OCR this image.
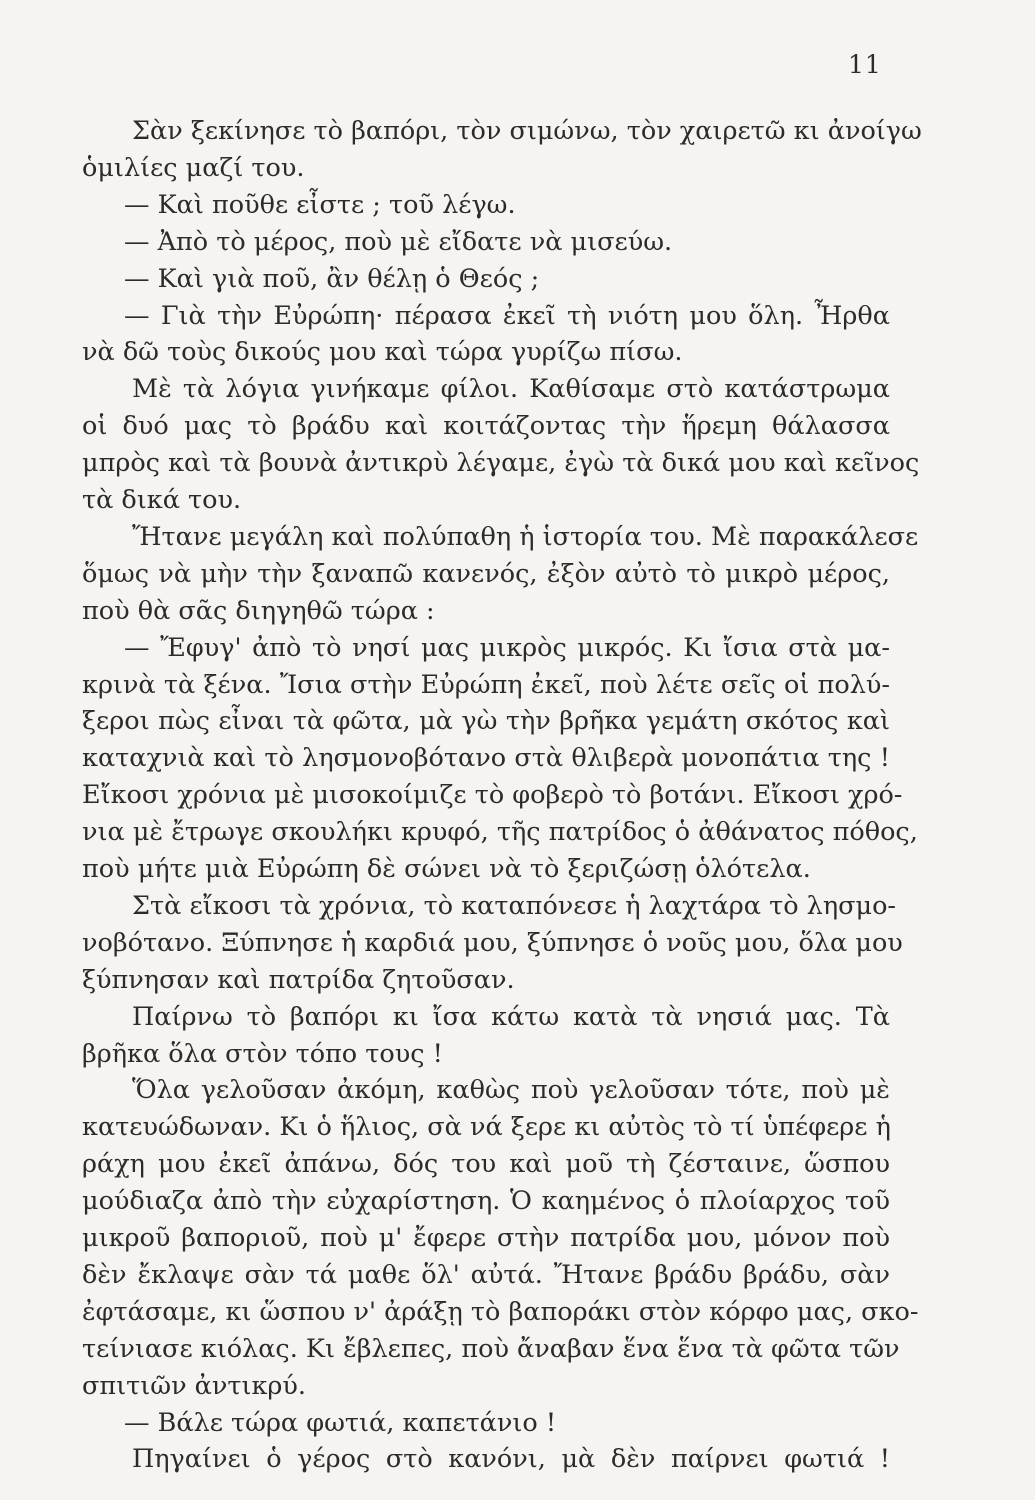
11
Σὰν ξεκίνησε τὸ βαπόρι, τὸν σιμώνω, τὸν χαιρετῶ κι ἀνοίγω
ὁμιλίες μαζί του.
— Καὶ ποῦθε εἶστε ; τοῦ λέγω.
— Ἀπὸ τὸ μέρος, ποὺ μὲ εἴδατε νὰ μισεύω.
— Καὶ γιὰ ποῦ, ἂν θέλῃ ὁ Θεός ;
— Γιὰ τὴν Εὐρώπη· πέρασα ἐκεῖ τὴ νιότη μου ὅλη. Ἦρθα
νὰ δῶ τοὺς δικούς μου καὶ τώρα γυρίζω πίσω.
Μὲ τὰ λόγια γινήκαμε φίλοι. Καθίσαμε στὸ κατάστρωμα
οἱ δυό μας τὸ βράδυ καὶ κοιτάζοντας τὴν ἥρεμη θάλασσα
μπρὸς καὶ τὰ βουνὰ ἀντικρὺ λέγαμε, ἐγὼ τὰ δικά μου καὶ κεῖνος
τὰ δικά του.
Ἤτανε μεγάλη καὶ πολύπαθη ἡ ἱστορία του. Μὲ παρακάλεσε
ὅμως νὰ μὴν τὴν ξαναπῶ κανενός, ἐξὸν αὐτὸ τὸ μικρὸ μέρος,
ποὺ θὰ σᾶς διηγηθῶ τώρα :
— Ἔφυγ' ἀπὸ τὸ νησί μας μικρὸς μικρός. Κι ἴσια στὰ μα-
κρινὰ τὰ ξένα. Ἴσια στὴν Εὐρώπη ἐκεῖ, ποὺ λέτε σεῖς οἱ πολύ-
ξεροι πὼς εἶναι τὰ φῶτα, μὰ γὼ τὴν βρῆκα γεμάτη σκότος καὶ
καταχνιὰ καὶ τὸ λησμονοβότανο στὰ θλιβερὰ μονοπάτια της !
Εἴκοσι χρόνια μὲ μισοκοίμιζε τὸ φοβερὸ τὸ βοτάνι. Εἴκοσι χρό-
νια μὲ ἔτρωγε σκουλήκι κρυφό, τῆς πατρίδος ὁ ἀθάνατος πόθος,
ποὺ μήτε μιὰ Εὐρώπη δὲ σώνει νὰ τὸ ξεριζώσῃ ὁλότελα.
Στὰ εἴκοσι τὰ χρόνια, τὸ καταπόνεσε ἡ λαχτάρα τὸ λησμο-
νοβότανο. Ξύπνησε ἡ καρδιά μου, ξύπνησε ὁ νοῦς μου, ὅλα μου
ξύπνησαν καὶ πατρίδα ζητοῦσαν.
Παίρνω τὸ βαπόρι κι ἴσα κάτω κατὰ τὰ νησιά μας. Τὰ
βρῆκα ὅλα στὸν τόπο τους !
Ὅλα γελοῦσαν ἀκόμη, καθὼς ποὺ γελοῦσαν τότε, ποὺ μὲ
κατευώδωναν. Κι ὁ ἥλιος, σὰ νά ξερε κι αὐτὸς τὸ τί ὑπέφερε ἡ
ράχη μου ἐκεῖ ἀπάνω, δός του καὶ μοῦ τὴ ζέσταινε, ὥσπου
μούδιαζα ἀπὸ τὴν εὐχαρίστηση. Ὁ καημένος ὁ πλοίαρχος τοῦ
μικροῦ βαποριοῦ, ποὺ μ' ἔφερε στὴν πατρίδα μου, μόνον ποὺ
δὲν ἔκλαψε σὰν τά μαθε ὅλ' αὐτά. Ἤτανε βράδυ βράδυ, σὰν
ἐφτάσαμε, κι ὥσπου ν' ἀράξῃ τὸ βαποράκι στὸν κόρφο μας, σκο-
τείνιασε κιόλας. Κι ἔβλεπες, ποὺ ἄναβαν ἕνα ἕνα τὰ φῶτα τῶν
σπιτιῶν ἀντικρύ.
— Βάλε τώρα φωτιά, καπετάνιο !
Πηγαίνει ὁ γέρος στὸ κανόνι, μὰ δὲν παίρνει φωτιά !
